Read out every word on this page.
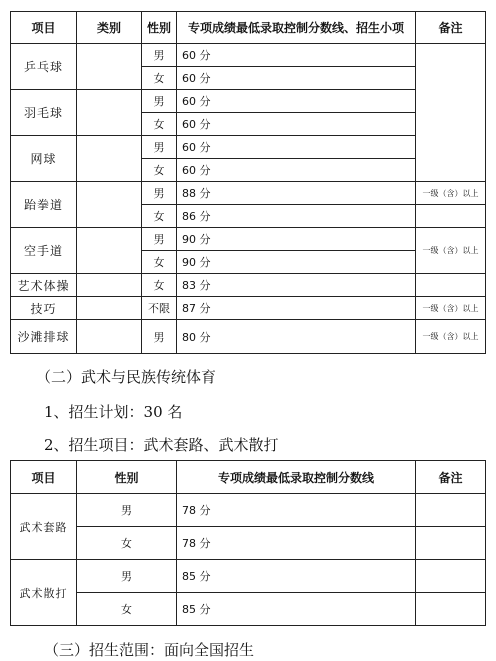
项目	类别	性别	专项成绩最低录取控制分数线、招生小项	备注
乒乓球		男	60 分	
		女	60 分	
羽毛球		男	60 分	
		女	60 分	
网球		男	60 分	
		女	60 分	
跆拳道		男	88 分	一级（含）以上
		女	86 分	
空手道		男	90 分	一级（含）以上
		女	90 分	
艺术体操		女	83 分	
技巧		不限	87 分	一级（含）以上
沙滩排球		男	80 分	一级（含）以上
（二）武术与民族传统体育
1、招生计划：30 名
2、招生项目：武术套路、武术散打
项目	性别	专项成绩最低录取控制分数线	备注
武术套路	男	78 分	
	女	78 分	
武术散打	男	85 分	
	女	85 分	
（三）招生范围：面向全国招生
